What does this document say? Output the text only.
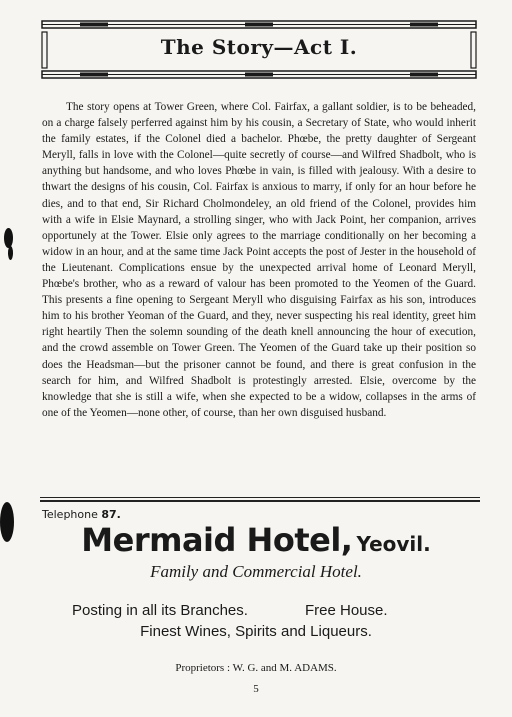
The Story—Act I.

The story opens at Tower Green, where Col. Fairfax, a gallant soldier, is to be beheaded, on a charge falsely perferred against him by his cousin, a Secretary of State, who would inherit the family estates, if the Colonel died a bachelor. Phœbe, the pretty daughter of Sergeant Meryll, falls in love with the Colonel—quite secretly of course—and Wilfred Shadbolt, who is anything but handsome, and who loves Phœbe in vain, is filled with jealousy. With a desire to thwart the designs of his cousin, Col. Fairfax is anxious to marry, if only for an hour before he dies, and to that end, Sir Richard Cholmondeley, an old friend of the Colonel, provides him with a wife in Elsie Maynard, a strolling singer, who with Jack Point, her companion, arrives opportunely at the Tower. Elsie only agrees to the marriage conditionally on her becoming a widow in an hour, and at the same time Jack Point accepts the post of Jester in the household of the Lieutenant. Complications ensue by the unexpected arrival home of Leonard Meryll, Phœbe's brother, who as a reward of valour has been promoted to the Yeomen of the Guard. This presents a fine opening to Sergeant Meryll who disguising Fairfax as his son, introduces him to his brother Yeoman of the Guard, and they, never suspecting his real identity, greet him right heartily Then the solemn sounding of the death knell announcing the hour of execution, and the crowd assemble on Tower Green. The Yeomen of the Guard take up their position so does the Headsman—but the prisoner cannot be found, and there is great confusion in the search for him, and Wilfred Shadbolt is protestingly arrested. Elsie, overcome by the knowledge that she is still a wife, when she expected to be a widow, collapses in the arms of one of the Yeomen—none other, of course, than her own disguised husband.

Telephone 87.

Mermaid Hotel, Yeovil.

Family and Commercial Hotel.

Posting in all its Branches.	Free House.

Finest Wines, Spirits and Liqueurs.

Proprietors : W. G. and M. ADAMS.

5
